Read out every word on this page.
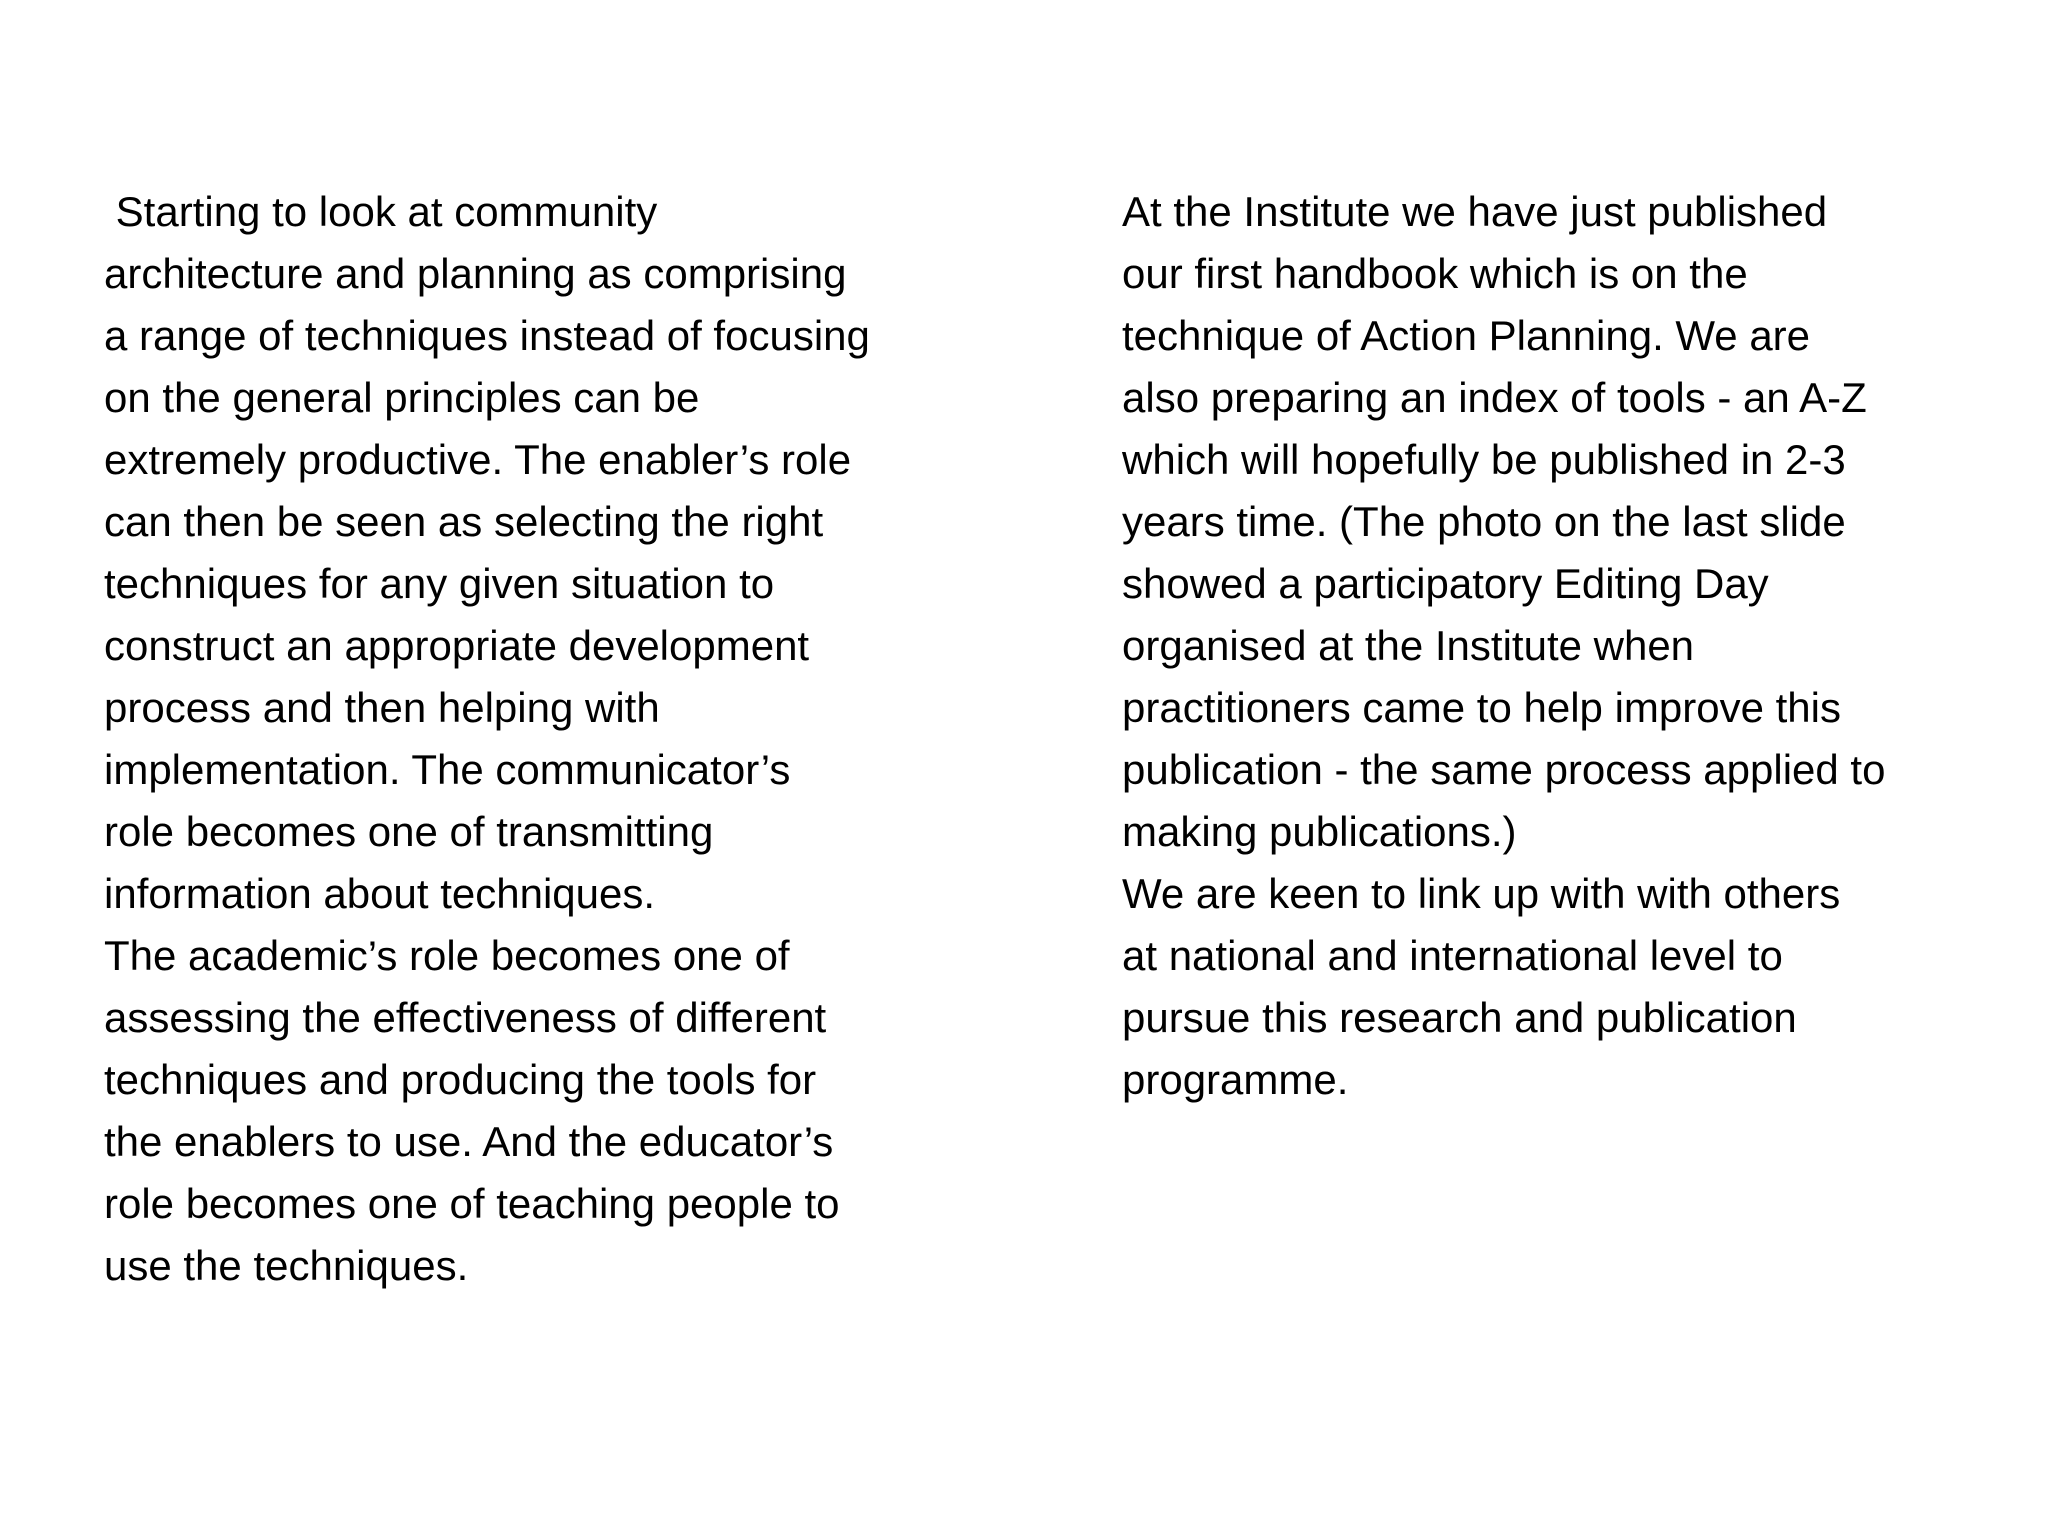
Starting to look at community
architecture and planning as comprising
a range of techniques instead of focusing
on the general principles can be
extremely productive. The enabler’s role
can then be seen as selecting the right
techniques for any given situation to
construct an appropriate development
process and then helping with
implementation. The communicator’s
role becomes one of transmitting
information about techniques.
The academic’s role becomes one of
assessing the effectiveness of different
techniques and producing the tools for
the enablers to use. And the educator’s
role becomes one of teaching people to
use the techniques.
At the Institute we have just published
our first handbook which is on the
technique of Action Planning. We are
also preparing an index of tools - an A-Z
which will hopefully be published in 2-3
years time. (The photo on the last slide
showed a participatory Editing Day
organised at the Institute when
practitioners came to help improve this
publication - the same process applied to
making publications.)
We are keen to link up with with others
at national and international level to
pursue this research and publication
programme.
